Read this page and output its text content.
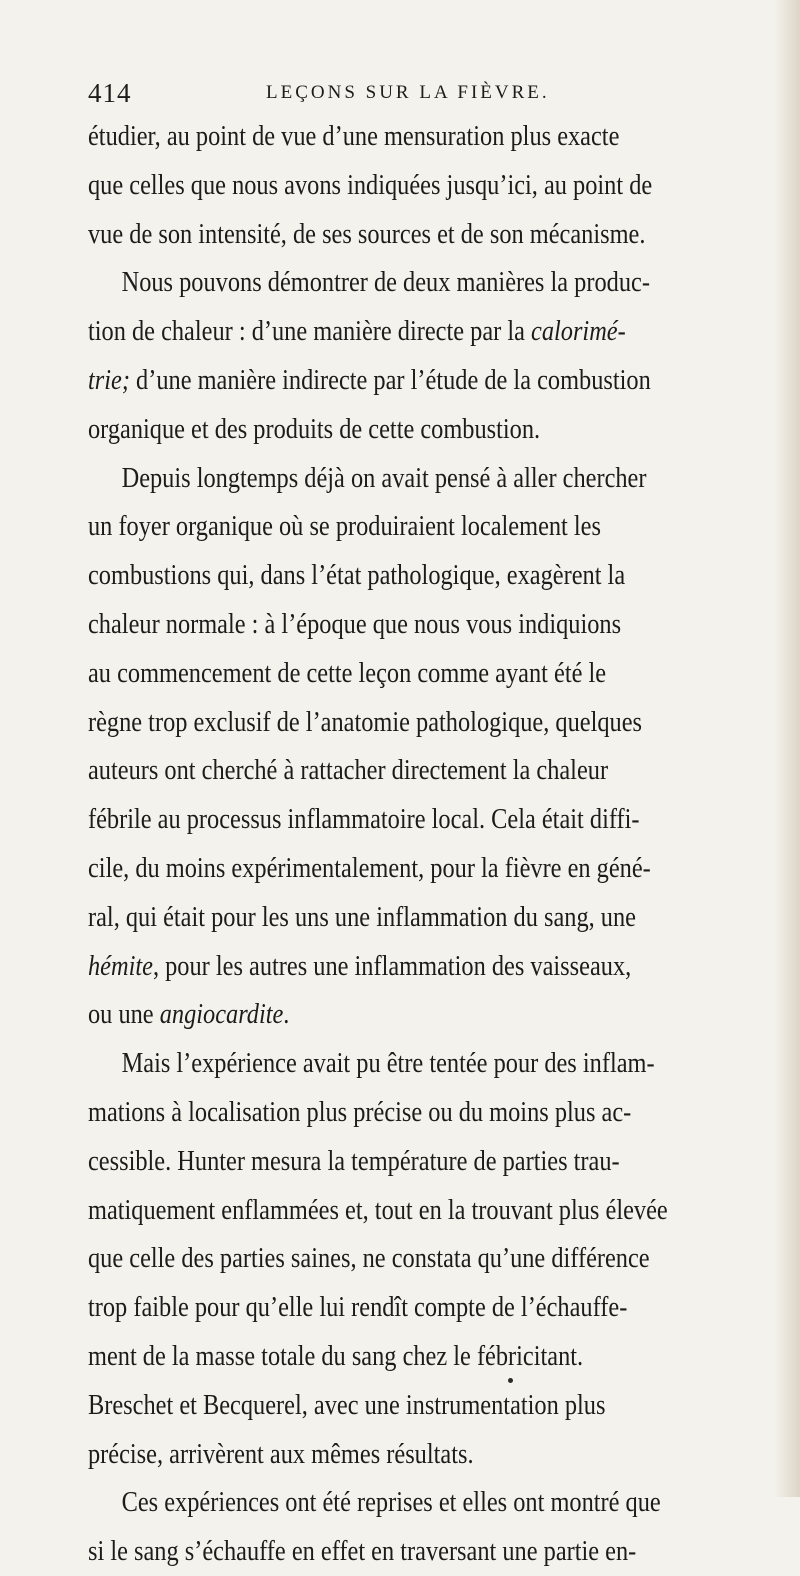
414	LEÇONS SUR LA FIÈVRE.
étudier, au point de vue d’une mensuration plus exacte
que celles que nous avons indiquées jusqu’ici, au point de
vue de son intensité, de ses sources et de son mécanisme.
Nous pouvons démontrer de deux manières la produc-
tion de chaleur : d’une manière directe par la calorimé-
trie; d’une manière indirecte par l’étude de la combustion
organique et des produits de cette combustion.
Depuis longtemps déjà on avait pensé à aller chercher
un foyer organique où se produiraient localement les
combustions qui, dans l’état pathologique, exagèrent la
chaleur normale : à l’époque que nous vous indiquions
au commencement de cette leçon comme ayant été le
règne trop exclusif de l’anatomie pathologique, quelques
auteurs ont cherché à rattacher directement la chaleur
fébrile au processus inflammatoire local. Cela était diffi-
cile, du moins expérimentalement, pour la fièvre en géné-
ral, qui était pour les uns une inflammation du sang, une
hémite, pour les autres une inflammation des vaisseaux,
ou une angiocardite.
Mais l’expérience avait pu être tentée pour des inflam-
mations à localisation plus précise ou du moins plus ac-
cessible. Hunter mesura la température de parties trau-
matiquement enflammées et, tout en la trouvant plus élevée
que celle des parties saines, ne constata qu’une différence
trop faible pour qu’elle lui rendît compte de l’échauffe-
ment de la masse totale du sang chez le fébricitant.
Breschet et Becquerel, avec une instrumentation plus
précise, arrivèrent aux mêmes résultats.
Ces expériences ont été reprises et elles ont montré que
si le sang s’échauffe en effet en traversant une partie en-
